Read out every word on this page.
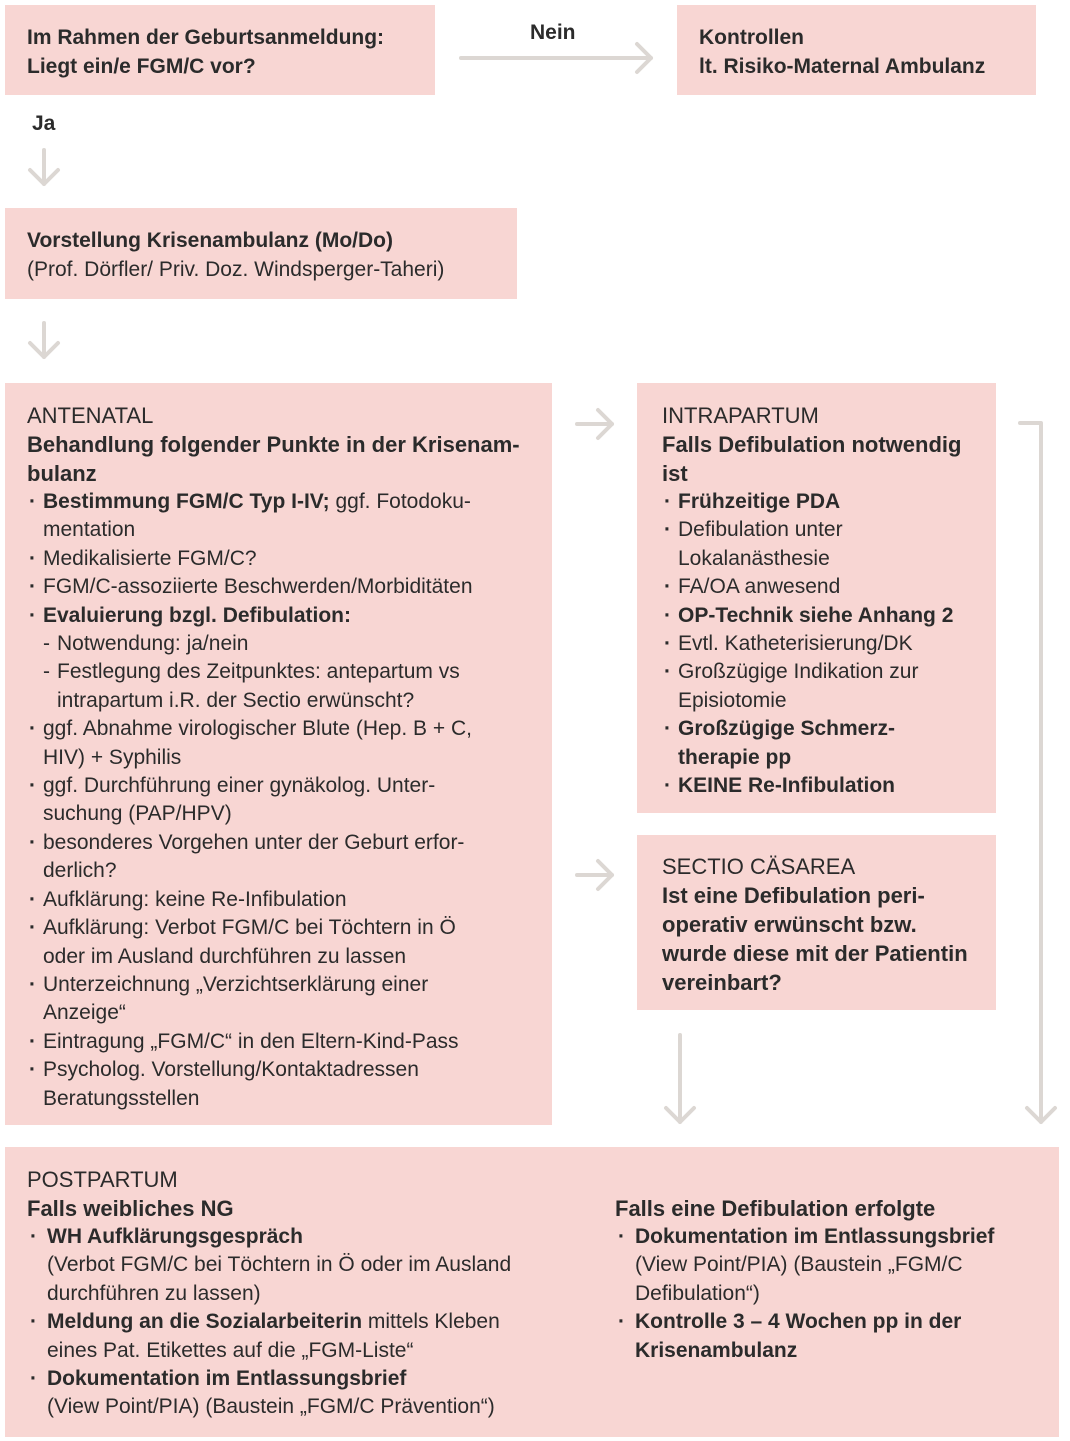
Im Rahmen der Geburtsanmeldung:
Liegt ein/e FGM/C vor?
Nein	Kontrollen
lt. Risiko-Maternal Ambulanz
Ja
Vorstellung Krisenambulanz (Mo/Do)
(Prof. Dörfler/ Priv. Doz. Windsperger-Taheri)
ANTENATAL
Behandlung folgender Punkte in der Krisenam-
bulanz
· Bestimmung FGM/C Typ I-IV; ggf. Fotodoku-
mentation
· Medikalisierte FGM/C?
· FGM/C-assoziierte Beschwerden/Morbiditäten
· Evaluierung bzgl. Defibulation:
- Notwendung: ja/nein
- Festlegung des Zeitpunktes: antepartum vs
intrapartum i.R. der Sectio erwünscht?
· ggf. Abnahme virologischer Blute (Hep. B + C,
HIV) + Syphilis
· ggf. Durchführung einer gynäkolog. Unter-
suchung (PAP/HPV)
· besonderes Vorgehen unter der Geburt erfor-
derlich?
· Aufklärung: keine Re-Infibulation
· Aufklärung: Verbot FGM/C bei Töchtern in Ö
oder im Ausland durchführen zu lassen
· Unterzeichnung „Verzichtserklärung einer
Anzeige“
· Eintragung „FGM/C“ in den Eltern-Kind-Pass
· Psycholog. Vorstellung/Kontaktadressen
Beratungsstellen
INTRAPARTUM
Falls Defibulation notwendig
ist
· Frühzeitige PDA
· Defibulation unter
Lokalanästhesie
· FA/OA anwesend
· OP-Technik siehe Anhang 2
· Evtl. Katheterisierung/DK
· Großzügige Indikation zur
Episiotomie
· Großzügige Schmerz-
therapie pp
· KEINE Re-Infibulation
SECTIO CÄSAREA
Ist eine Defibulation peri-
operativ erwünscht bzw.
wurde diese mit der Patientin
vereinbart?
POSTPARTUM
Falls weibliches NG
· WH Aufklärungsgespräch
(Verbot FGM/C bei Töchtern in Ö oder im Ausland
durchführen zu lassen)
· Meldung an die Sozialarbeiterin mittels Kleben
eines Pat. Etikettes auf die „FGM-Liste“
· Dokumentation im Entlassungsbrief
(View Point/PIA) (Baustein „FGM/C Prävention“)
Falls eine Defibulation erfolgte
· Dokumentation im Entlassungsbrief
(View Point/PIA) (Baustein „FGM/C
Defibulation“)
· Kontrolle 3 – 4 Wochen pp in der
Krisenambulanz
